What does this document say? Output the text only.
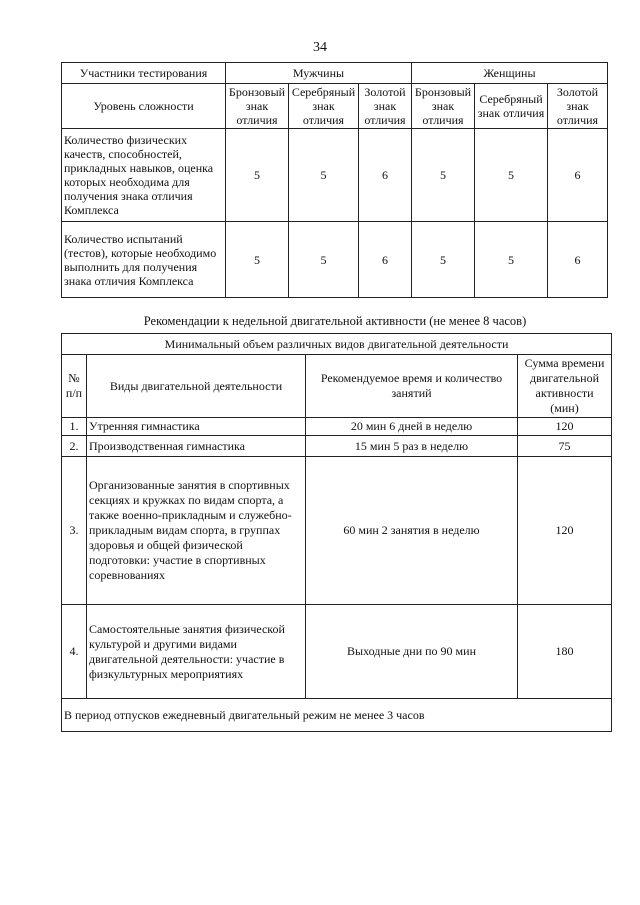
34
Участники тестирования	Мужчины			Женщины		
Уровень сложности	Бронзовый знак отличия	Серебряный знак отличия	Золотой знак отличия	Бронзовый знак отличия	Серебряный знак отличия	Золотой знак отличия
Количество физических качеств, способностей, прикладных навыков, оценка которых необходима для получения знака отличия Комплекса	5	5	6	5	5	6
Количество испытаний (тестов), которые необходимо выполнить для получения знака отличия Комплекса	5	5	6	5	5	6
Рекомендации к недельной двигательной активности (не менее 8 часов)
Минимальный объем различных видов двигательной деятельности			
№ п/п	Виды двигательной деятельности	Рекомендуемое время и количество занятий	Сумма времени двигательной активности (мин)
1.	Утренняя гимнастика	20 мин 6 дней в неделю	120
2.	Производственная гимнастика	15 мин 5 раз в неделю	75
3.	Организованные занятия в спортивных секциях и кружках по видам спорта, а также военно-прикладным и служебно-прикладным видам спорта, в группах здоровья и общей физической подготовки: участие в спортивных соревнованиях	60 мин 2 занятия в неделю	120
4.	Самостоятельные занятия физической культурой и другими видами двигательной деятельности: участие в физкультурных мероприятиях	Выходные дни по 90 мин	180
В период отпусков ежедневный двигательный режим не менее 3 часов			
